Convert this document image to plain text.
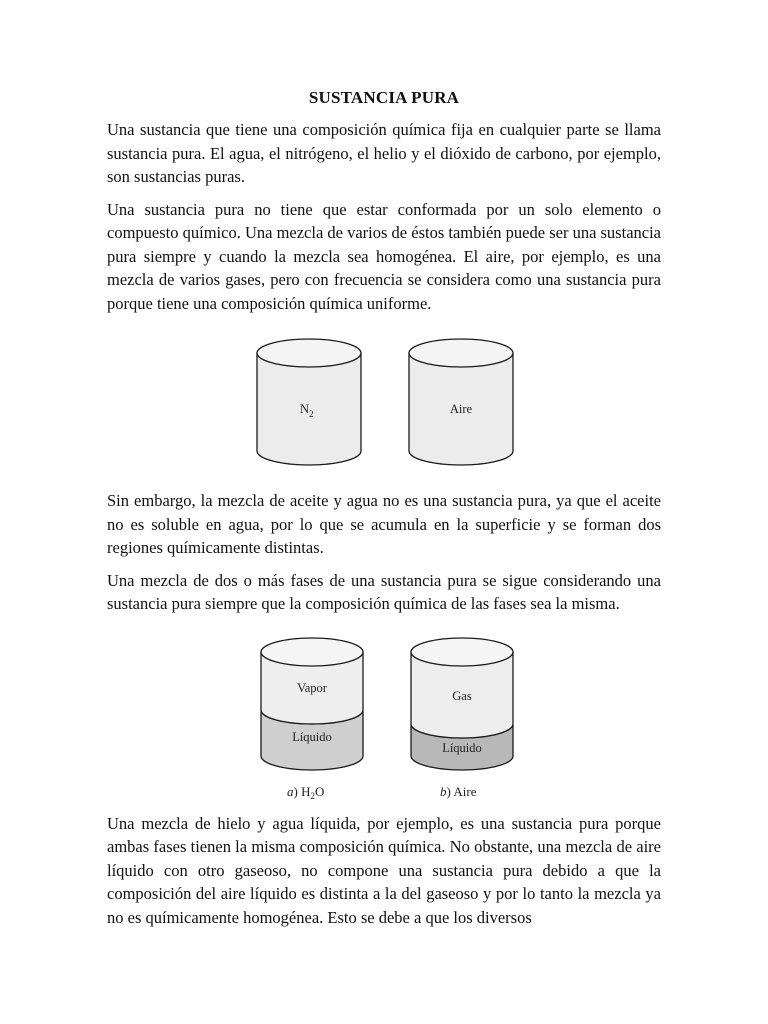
SUSTANCIA PURA

Una sustancia que tiene una composición química fija en cualquier parte se llama sustancia pura. El agua, el nitrógeno, el helio y el dióxido de carbono, por ejemplo, son sustancias puras.

Una sustancia pura no tiene que estar conformada por un solo elemento o compuesto químico. Una mezcla de varios de éstos también puede ser una sustancia pura siempre y cuando la mezcla sea homogénea. El aire, por ejemplo, es una mezcla de varios gases, pero con frecuencia se considera como una sustancia pura porque tiene una composición química uniforme.

$N_2$	Aire

Sin embargo, la mezcla de aceite y agua no es una sustancia pura, ya que el aceite no es soluble en agua, por lo que se acumula en la superficie y se forman dos regiones químicamente distintas.

Una mezcla de dos o más fases de una sustancia pura se sigue considerando una sustancia pura siempre que la composición química de las fases sea la misma.

Vapor
Líquido
Gas
Líquido
a) $H_2O$	b) Aire

Una mezcla de hielo y agua líquida, por ejemplo, es una sustancia pura porque ambas fases tienen la misma composición química. No obstante, una mezcla de aire líquido con otro gaseoso, no compone una sustancia pura debido a que la composición del aire líquido es distinta a la del gaseoso y por lo tanto la mezcla ya no es químicamente homogénea. Esto se debe a que los diversos
